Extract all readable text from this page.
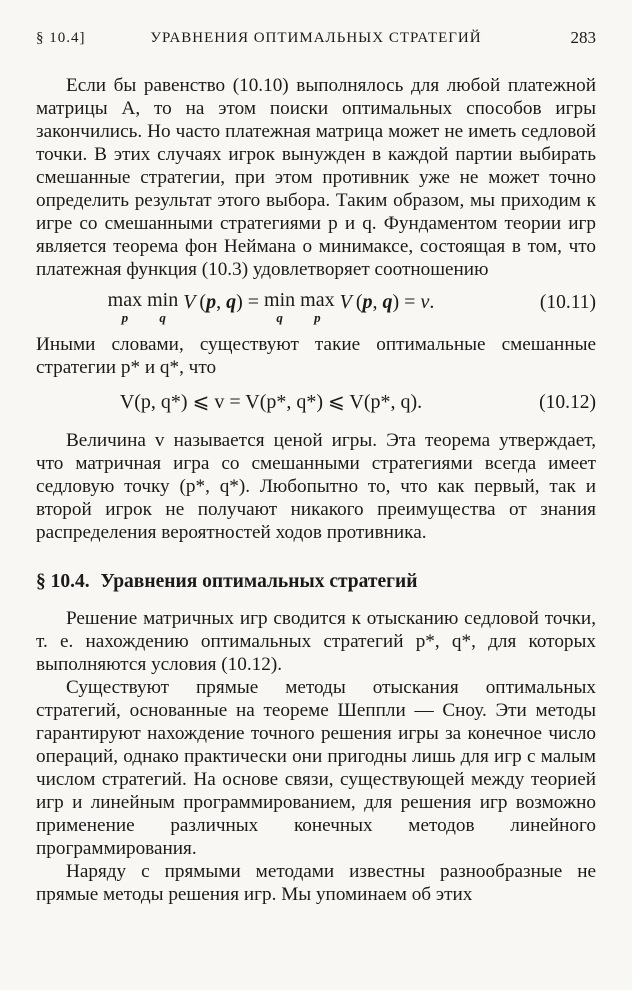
§ 10.4]	УРАВНЕНИЯ ОПТИМАЛЬНЫХ СТРАТЕГИЙ	283

Если бы равенство (10.10) выполнялось для любой платежной матрицы A, то на этом поиски оптимальных способов игры закончились. Но часто платежная матрица может не иметь седловой точки. В этих случаях игрок вынужден в каждой партии выбирать смешанные стратегии, при этом противник уже не может точно определить результат этого выбора. Таким образом, мы приходим к игре со смешанными стратегиями p и q. Фундаментом теории игр является теорема фон Неймана о минимаксе, состоящая в том, что платежная функция (10.3) удовлетворяет соотношению

max
p

min
q
V (p, q) = min
q

max
p
V (p, q) = v.	(10.11)

Иными словами, существуют такие оптимальные смешанные стратегии p* и q*, что

V(p, q*) ⩽ v = V(p*, q*) ⩽ V(p*, q).	(10.12)

Величина v называется ценой игры. Эта теорема утверждает, что матричная игра со смешанными стратегиями всегда имеет седловую точку (p*, q*). Любопытно то, что как первый, так и второй игрок не получают никакого преимущества от знания распределения вероятностей ходов противника.

§ 10.4. Уравнения оптимальных стратегий

Решение матричных игр сводится к отысканию седловой точки, т. е. нахождению оптимальных стратегий p*, q*, для которых выполняются условия (10.12).

Существуют прямые методы отыскания оптимальных стратегий, основанные на теореме Шеппли — Сноу. Эти методы гарантируют нахождение точного решения игры за конечное число операций, однако практически они пригодны лишь для игр с малым числом стратегий. На основе связи, существующей между теорией игр и линейным программированием, для решения игр возможно применение различных конечных методов линейного программирования.

Наряду с прямыми методами известны разнообразные не прямые методы решения игр. Мы упоминаем об этих
